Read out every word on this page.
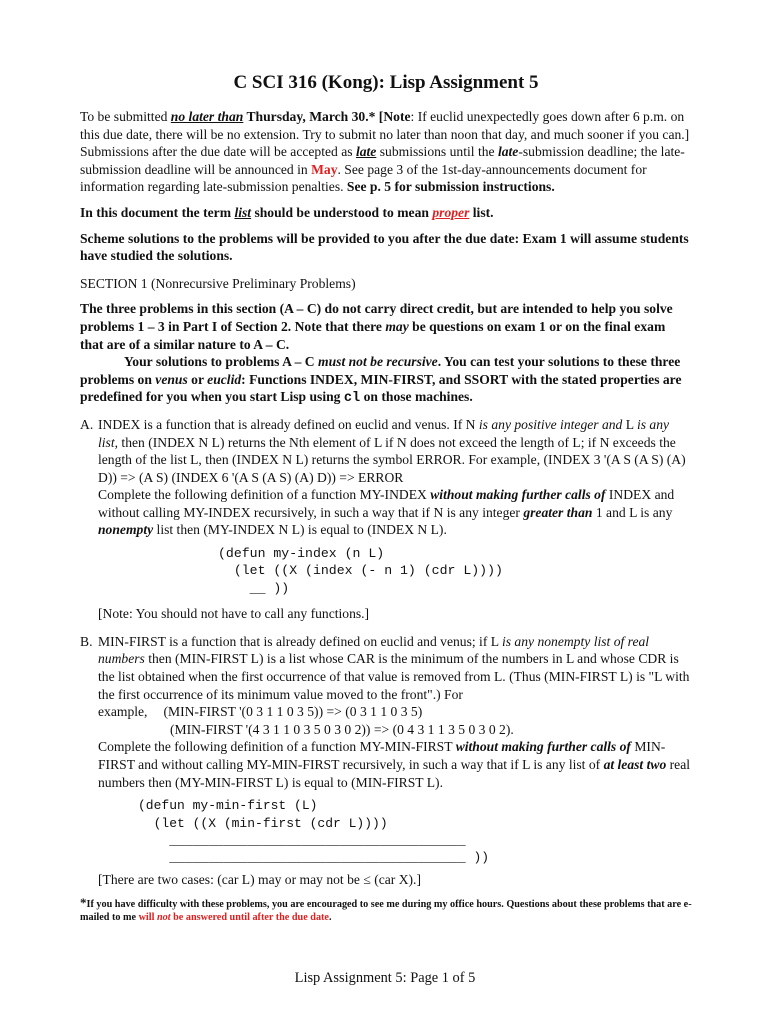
C SCI 316 (Kong): Lisp Assignment 5

To be submitted no later than Thursday, March 30.* [Note: If euclid unexpectedly goes down after 6 p.m. on this due date, there will be no extension. Try to submit no later than noon that day, and much sooner if you can.] Submissions after the due date will be accepted as late submissions until the late-submission deadline; the late-submission deadline will be announced in May. See page 3 of the 1st-day-announcements document for information regarding late-submission penalties. See p. 5 for submission instructions.

In this document the term list should be understood to mean proper list.

Scheme solutions to the problems will be provided to you after the due date: Exam 1 will assume students have studied the solutions.

SECTION 1 (Nonrecursive Preliminary Problems)

The three problems in this section (A – C) do not carry direct credit, but are intended to help you solve problems 1 – 3 in Part I of Section 2. Note that there may be questions on exam 1 or on the final exam that are of a similar nature to A – C.
Your solutions to problems A – C must not be recursive. You can test your solutions to these three problems on venus or euclid: Functions INDEX, MIN-FIRST, and SSORT with the stated properties are predefined for you when you start Lisp using cl on those machines.

A. INDEX is a function that is already defined on euclid and venus. If N is any positive integer and L is any list, then (INDEX N L) returns the Nth element of L if N does not exceed the length of L; if N exceeds the length of the list L, then (INDEX N L) returns the symbol ERROR. For example, (INDEX 3 '(A S (A S) (A) D)) => (A S) (INDEX 6 '(A S (A S) (A) D)) => ERROR
Complete the following definition of a function MY-INDEX without making further calls of INDEX and without calling MY-INDEX recursively, in such a way that if N is any integer greater than 1 and L is any nonempty list then (MY-INDEX N L) is equal to (INDEX N L).

(defun my-index (n L)
(let ((X (index (- n 1) (cdr L))))
__ ))

[Note: You should not have to call any functions.]

B. MIN-FIRST is a function that is already defined on euclid and venus; if L is any nonempty list of real numbers then (MIN-FIRST L) is a list whose CAR is the minimum of the numbers in L and whose CDR is the list obtained when the first occurrence of that value is removed from L. (Thus (MIN-FIRST L) is "L with the first occurrence of its minimum value moved to the front".) For

example, (MIN-FIRST '(0 3 1 1 0 3 5)) => (0 3 1 1 0 3 5)

(MIN-FIRST '(4 3 1 1 0 3 5 0 3 0 2)) => (0 4 3 1 1 3 5 0 3 0 2).

Complete the following definition of a function MY-MIN-FIRST without making further calls of MIN-FIRST and without calling MY-MIN-FIRST recursively, in such a way that if L is any list of at least two real numbers then (MY-MIN-FIRST L) is equal to (MIN-FIRST L).

(defun my-min-first (L)
(let ((X (min-first (cdr L))))
______________________________________
______________________________________ ))

[There are two cases: (car L) may or may not be ≤ (car X).]

*If you have difficulty with these problems, you are encouraged to see me during my office hours. Questions about these problems that are e-mailed to me will not be answered until after the due date.

Lisp Assignment 5: Page 1 of 5
